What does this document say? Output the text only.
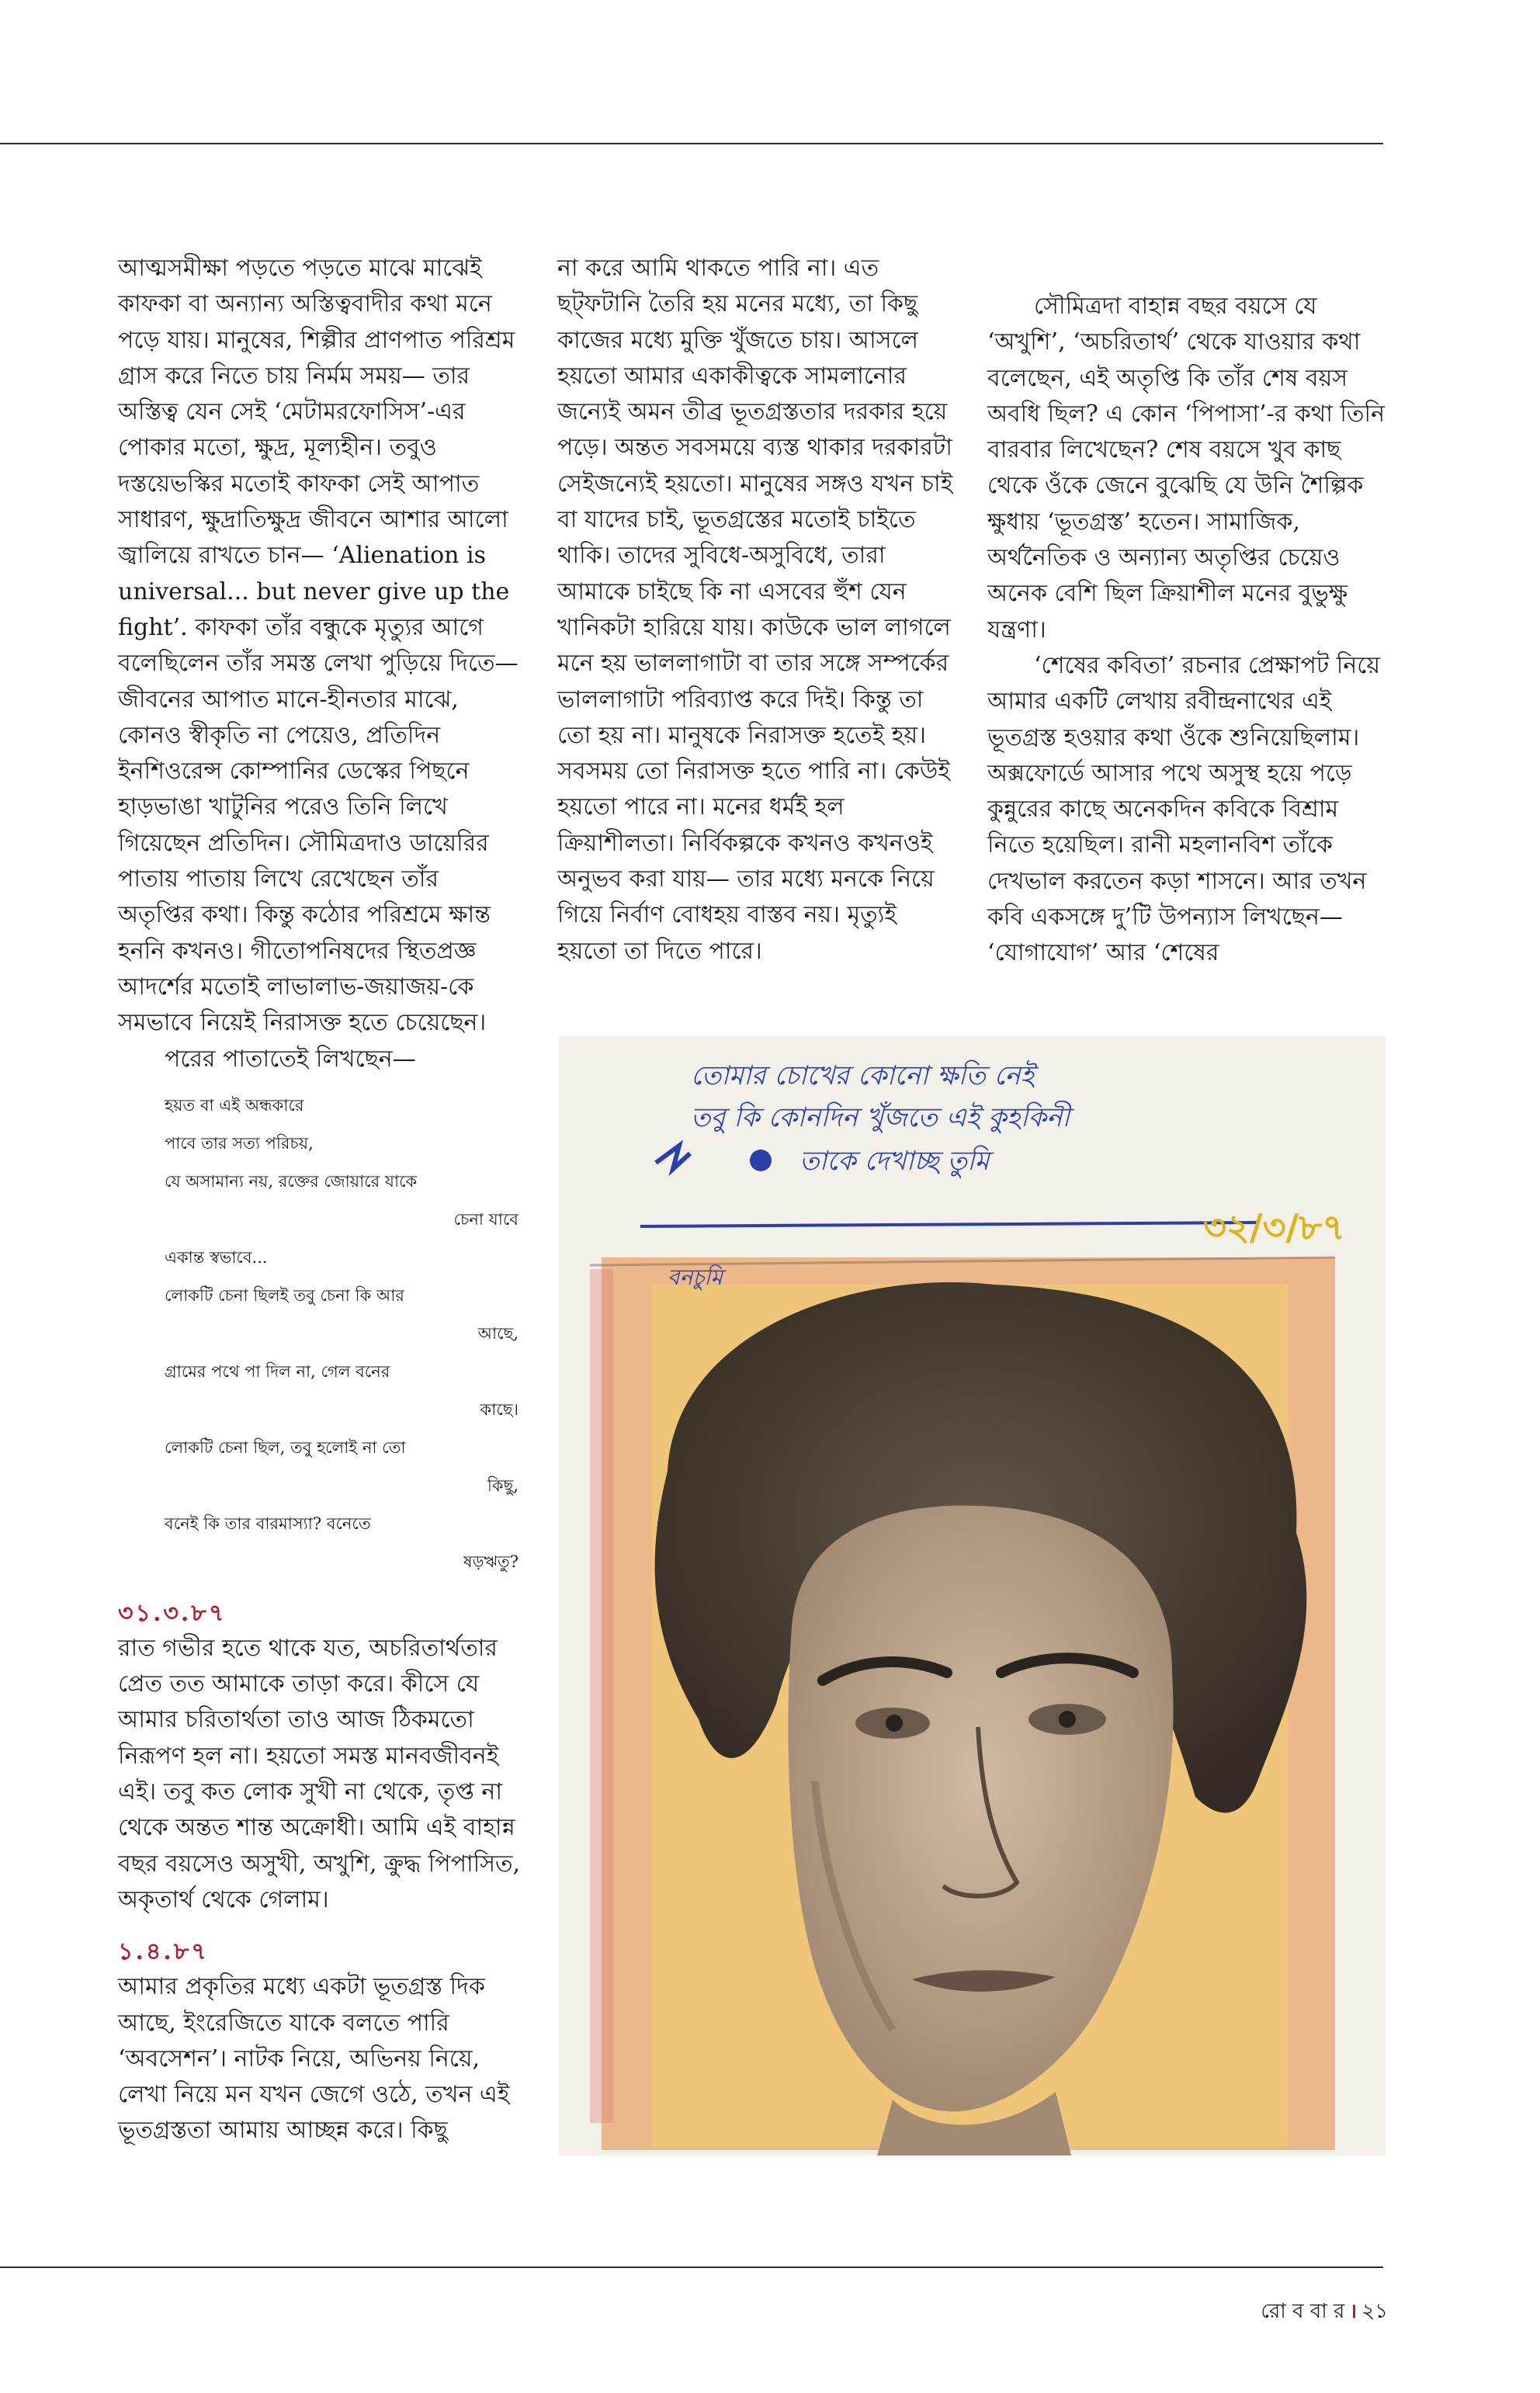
আত্মসমীক্ষা পড়তে পড়তে মাঝে মাঝেই কাফকা বা অন্যান্য অস্তিত্ববাদীর কথা মনে পড়ে যায়। মানুষের, শিল্পীর প্রাণপাত পরিশ্রম গ্রাস করে নিতে চায় নির্মম সময়— তার অস্তিত্ব যেন সেই ‘মেটামরফোসিস’-এর পোকার মতো, ক্ষুদ্র, মূল্যহীন। তবুও দস্তয়েভস্কির মতোই কাফকা সেই আপাত সাধারণ, ক্ষুদ্রাতিক্ষুদ্র জীবনে আশার আলো জ্বালিয়ে রাখতে চান— ‘Alienation is universal... but never give up the fight’. কাফকা তাঁর বন্ধুকে মৃত্যুর আগে বলেছিলেন তাঁর সমস্ত লেখা পুড়িয়ে দিতে— জীবনের আপাত মানে-হীনতার মাঝে, কোনও স্বীকৃতি না পেয়েও, প্রতিদিন ইনশিওরেন্স কোম্পানির ডেস্কের পিছনে হাড়ভাঙা খাটুনির পরেও তিনি লিখে গিয়েছেন প্রতিদিন। সৌমিত্রদাও ডায়েরির পাতায় পাতায় লিখে রেখেছেন তাঁর অতৃপ্তির কথা। কিন্তু কঠোর পরিশ্রমে ক্ষান্ত হননি কখনও। গীতোপনিষদের স্থিতপ্রজ্ঞ আদর্শের মতোই লাভালাভ-জয়াজয়-কে সমভাবে নিয়েই নিরাসক্ত হতে চেয়েছেন।

পরের পাতাতেই লিখছেন—

হয়ত বা এই অন্ধকারে
পাবে তার সত্য পরিচয়,
যে অসামান্য নয়, রক্তের জোয়ারে যাকে
চেনা যাবে
একান্ত স্বভাবে...
লোকটি চেনা ছিলই তবু চেনা কি আর
আছে,
গ্রামের পথে পা দিল না, গেল বনের
কাছে।
লোকটি চেনা ছিল, তবু হলোই না তো
কিছু,
বনেই কি তার বারমাস্যা? বনেতে
ষড়ঋতু?
৩১.৩.৮৭

রাত গভীর হতে থাকে যত, অচরিতার্থতার প্রেত তত আমাকে তাড়া করে। কীসে যে আমার চরিতার্থতা তাও আজ ঠিকমতো নিরূপণ হল না। হয়তো সমস্ত মানবজীবনই এই। তবু কত লোক সুখী না থেকে, তৃপ্ত না থেকে অন্তত শান্ত অক্রোধী। আমি এই বাহান্ন বছর বয়সেও অসুখী, অখুশি, ক্রুদ্ধ পিপাসিত, অকৃতার্থ থেকে গেলাম।

১.৪.৮৭

আমার প্রকৃতির মধ্যে একটা ভূতগ্রস্ত দিক আছে, ইংরেজিতে যাকে বলতে পারি ‘অবসেশন’। নাটক নিয়ে, অভিনয় নিয়ে, লেখা নিয়ে মন যখন জেগে ওঠে, তখন এই ভূতগ্রস্ততা আমায় আচ্ছন্ন করে। কিছু

না করে আমি থাকতে পারি না। এত ছট্‌ফটানি তৈরি হয় মনের মধ্যে, তা কিছু কাজের মধ্যে মুক্তি খুঁজতে চায়। আসলে হয়তো আমার একাকীত্বকে সামলানোর জন্যেই অমন তীব্র ভূতগ্রস্ততার দরকার হয়ে পড়ে। অন্তত সবসময়ে ব্যস্ত থাকার দরকারটা সেইজন্যেই হয়তো। মানুষের সঙ্গও যখন চাই বা যাদের চাই, ভূতগ্রস্তের মতোই চাইতে থাকি। তাদের সুবিধে-অসুবিধে, তারা আমাকে চাইছে কি না এসবের হুঁশ যেন খানিকটা হারিয়ে যায়। কাউকে ভাল লাগলে মনে হয় ভাললাগাটা বা তার সঙ্গে সম্পর্কের ভাললাগাটা পরিব্যাপ্ত করে দিই। কিন্তু তা তো হয় না। মানুষকে নিরাসক্ত হতেই হয়। সবসময় তো নিরাসক্ত হতে পারি না। কেউই হয়তো পারে না। মনের ধর্মই হল ক্রিয়াশীলতা। নির্বিকল্পকে কখনও কখনওই অনুভব করা যায়— তার মধ্যে মনকে নিয়ে গিয়ে নির্বাণ বোধহয় বাস্তব নয়। মৃত্যুই হয়তো তা দিতে পারে।

সৌমিত্রদা বাহান্ন বছর বয়সে যে ‘অখুশি’, ‘অচরিতার্থ’ থেকে যাওয়ার কথা বলেছেন, এই অতৃপ্তি কি তাঁর শেষ বয়স অবধি ছিল? এ কোন ‘পিপাসা’-র কথা তিনি বারবার লিখেছেন? শেষ বয়সে খুব কাছ থেকে ওঁকে জেনে বুঝেছি যে উনি শৈল্পিক ক্ষুধায় ‘ভূতগ্রস্ত’ হতেন। সামাজিক, অর্থনৈতিক ও অন্যান্য অতৃপ্তির চেয়েও অনেক বেশি ছিল ক্রিয়াশীল মনের বুভুক্ষু যন্ত্রণা।

‘শেষের কবিতা’ রচনার প্রেক্ষাপট নিয়ে আমার একটি লেখায় রবীন্দ্রনাথের এই ভূতগ্রস্ত হওয়ার কথা ওঁকে শুনিয়েছিলাম। অক্সফোর্ডে আসার পথে অসুস্থ হয়ে পড়ে কুন্নুরের কাছে অনেকদিন কবিকে বিশ্রাম নিতে হয়েছিল। রানী মহলানবিশ তাঁকে দেখভাল করতেন কড়া শাসনে। আর তখন কবি একসঙ্গে দু’টি উপন্যাস লিখছেন— ‘যোগাযোগ’ আর ‘শেষের

তোমার চোখের কোনো ক্ষতি নেই
তবু কি কোনদিন খুঁজতে এই কুহকিনী
তাকে দেখাচ্ছ তুমি
৩২/৩/৮৭
বনচুমি
রো ব বা র । ২১
